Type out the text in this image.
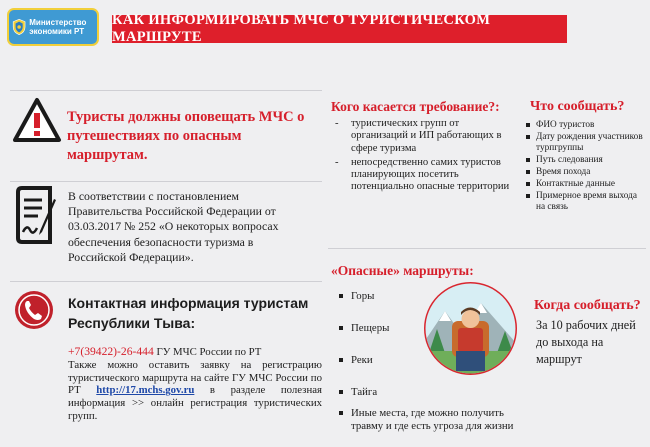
Министерство экономики РТ
КАК ИНФОРМИРОВАТЬ МЧС О ТУРИСТИЧЕСКОМ МАРШРУТЕ
Туристы должны оповещать МЧС о путешествиях по опасным маршрутам.
В соответствии с постановлением Правительства Российской Федерации от 03.03.2017 № 252 «О некоторых вопросах обеспечения безопасности туризма в Российской Федерации».
Контактная информация туристам
Республики Тыва:
+7(39422)-26-444 ГУ МЧС России по РТ
Также можно оставить заявку на регистрацию туристического маршрута на сайте ГУ МЧС России по РТ http://17.mchs.gov.ru в разделе полезная информация >> онлайн регистрация туристических групп.
Кого касается требование?:
- туристических групп от организаций и ИП работающих в сфере туризма
- непосредственно самих туристов планирующих посетить потенциально опасные территории
Что сообщать?
ФИО туристов
Дату рождения участников турпгруппы
Путь следования
Время похода
Контактные данные
Примерное время выхода на связь
«Опасные» маршруты:
Горы
Пещеры
Реки
Тайга
Иные места, где можно получить травму и где есть угроза для жизни
Когда сообщать?
За 10 рабочих дней до выхода на маршрут
